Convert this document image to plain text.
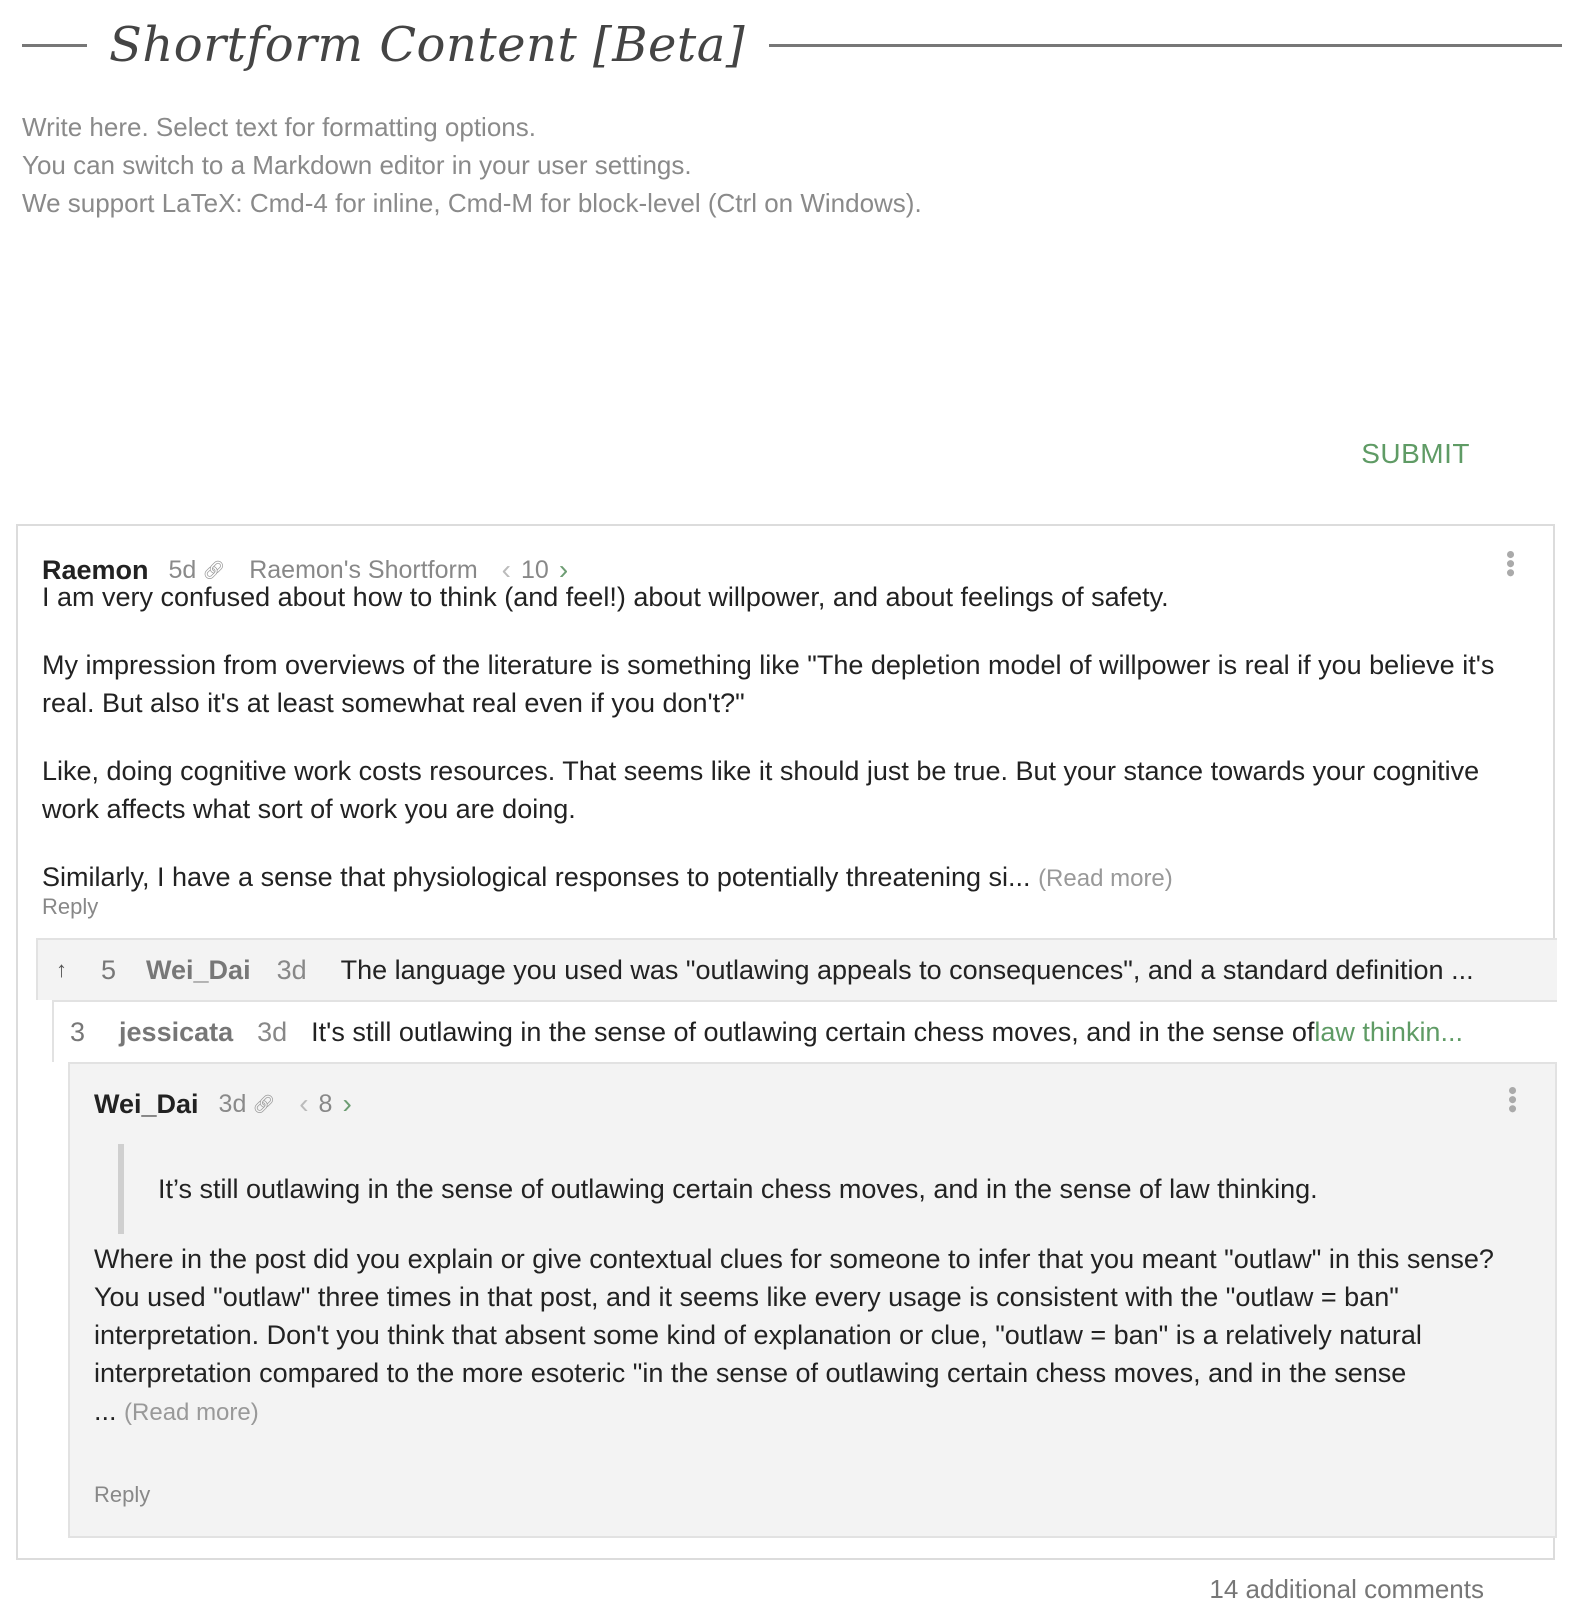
Shortform Content [Beta]
Write here. Select text for formatting options.
You can switch to a Markdown editor in your user settings.
We support LaTeX: Cmd-4 for inline, Cmd-M for block-level (Ctrl on Windows).
SUBMIT
Raemon 5d 🔗︎ Raemon's Shortform ‹ 10 ›	•••

I am very confused about how to think (and feel!) about willpower, and about feelings of safety.

My impression from overviews of the literature is something like "The depletion model of willpower is real if you believe it's real. But also it's at least somewhat real even if you don't?"

Like, doing cognitive work costs resources. That seems like it should just be true. But your stance towards your cognitive work affects what sort of work you are doing.

Similarly, I have a sense that physiological responses to potentially threatening si... (Read more)

Reply
↑ 5 Wei_Dai 3d The language you used was "outlawing appeals to consequences", and a standard definition ...
3 jessicata 3d It's still outlawing in the sense of outlawing certain chess moves, and in the sense of law thinkin...
Wei_Dai 3d 🔗︎ ‹ 8 ›	•••
It’s still outlawing in the sense of outlawing certain chess moves, and in the sense of law thinking.
Where in the post did you explain or give contextual clues for someone to infer that you meant "outlaw" in this sense? You used "outlaw" three times in that post, and it seems like every usage is consistent with the "outlaw = ban" interpretation. Don't you think that absent some kind of explanation or clue, "outlaw = ban" is a relatively natural interpretation compared to the more esoteric "in the sense of outlawing certain chess moves, and in the sense
... (Read more)
Reply
14 additional comments
